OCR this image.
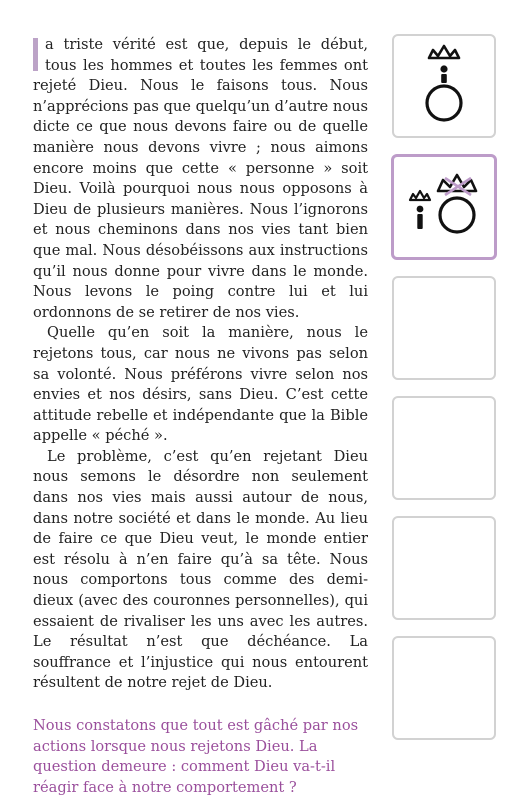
a triste vérité est que, depuis le début, tous les hommes et toutes les femmes ont rejeté Dieu. Nous le faisons tous. Nous n’apprécions pas que quelqu’un d’autre nous dicte ce que nous devons faire ou de quelle manière nous devons vivre ; nous aimons encore moins que cette « personne » soit Dieu. Voilà pourquoi nous nous opposons à Dieu de plusieurs manières. Nous l’ignorons et nous cheminons dans nos vies tant bien que mal. Nous désobéissons aux instructions qu’il nous donne pour vivre dans le monde. Nous levons le poing contre lui et lui ordonnons de se retirer de nos vies.

Quelle qu’en soit la manière, nous le rejetons tous, car nous ne vivons pas selon sa volonté. Nous préférons vivre selon nos envies et nos désirs, sans Dieu. C’est cette attitude rebelle et indépendante que la Bible appelle « péché ».

Le problème, c’est qu’en rejetant Dieu nous semons le désordre non seulement dans nos vies mais aussi autour de nous, dans notre société et dans le monde. Au lieu de faire ce que Dieu veut, le monde entier est résolu à n’en faire qu’à sa tête. Nous nous comportons tous comme des demi-dieux (avec des couronnes personnelles), qui essaient de rivaliser les uns avec les autres. Le résultat n’est que déchéance. La souffrance et l’injustice qui nous entourent résultent de notre rejet de Dieu.

Nous constatons que tout est gâché par nos actions lorsque nous rejetons Dieu. La question demeure : comment Dieu va-t-il réagir face à notre comportement ?
